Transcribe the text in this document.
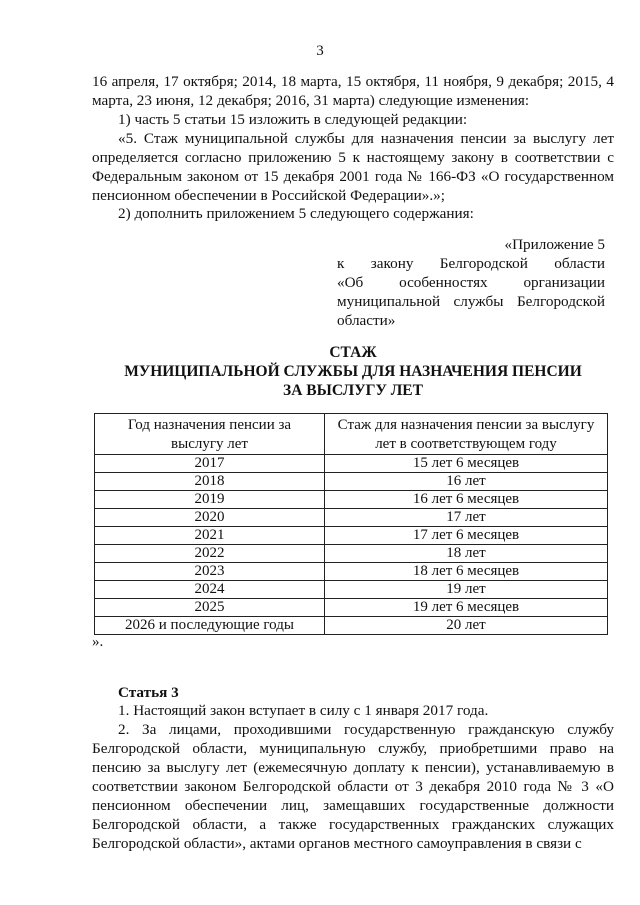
3

16 апреля, 17 октября; 2014, 18 марта, 15 октября, 11 ноября, 9 декабря; 2015, 4 марта, 23 июня, 12 декабря; 2016, 31 марта) следующие изменения:

1) часть 5 статьи 15 изложить в следующей редакции:

«5. Стаж муниципальной службы для назначения пенсии за выслугу лет определяется согласно приложению 5 к настоящему закону в соответствии с Федеральным законом от 15 декабря 2001 года № 166-ФЗ «О государственном пенсионном обеспечении в Российской Федерации».»;

2) дополнить приложением 5 следующего содержания:

«Приложение 5
к закону Белгородской области
«Об особенностях организации
муниципальной службы Белгородской
области»
СТАЖ
МУНИЦИПАЛЬНОЙ СЛУЖБЫ ДЛЯ НАЗНАЧЕНИЯ ПЕНСИИ
ЗА ВЫСЛУГУ ЛЕТ
Год назначения пенсии за выслугу лет	Стаж для назначения пенсии за выслугу лет в соответствующем году
2017	15 лет 6 месяцев
2018	16 лет
2019	16 лет 6 месяцев
2020	17 лет
2021	17 лет 6 месяцев
2022	18 лет
2023	18 лет 6 месяцев
2024	19 лет
2025	19 лет 6 месяцев
2026 и последующие годы	20 лет
».
Статья 3

1. Настоящий закон вступает в силу с 1 января 2017 года.

2. За лицами, проходившими государственную гражданскую службу Белгородской области, муниципальную службу, приобретшими право на пенсию за выслугу лет (ежемесячную доплату к пенсии), устанавливаемую в соответствии законом Белгородской области от 3 декабря 2010 года № 3 «О пенсионном обеспечении лиц, замещавших государственные должности Белгородской области, а также государственных гражданских служащих Белгородской области», актами органов местного самоуправления в связи с
